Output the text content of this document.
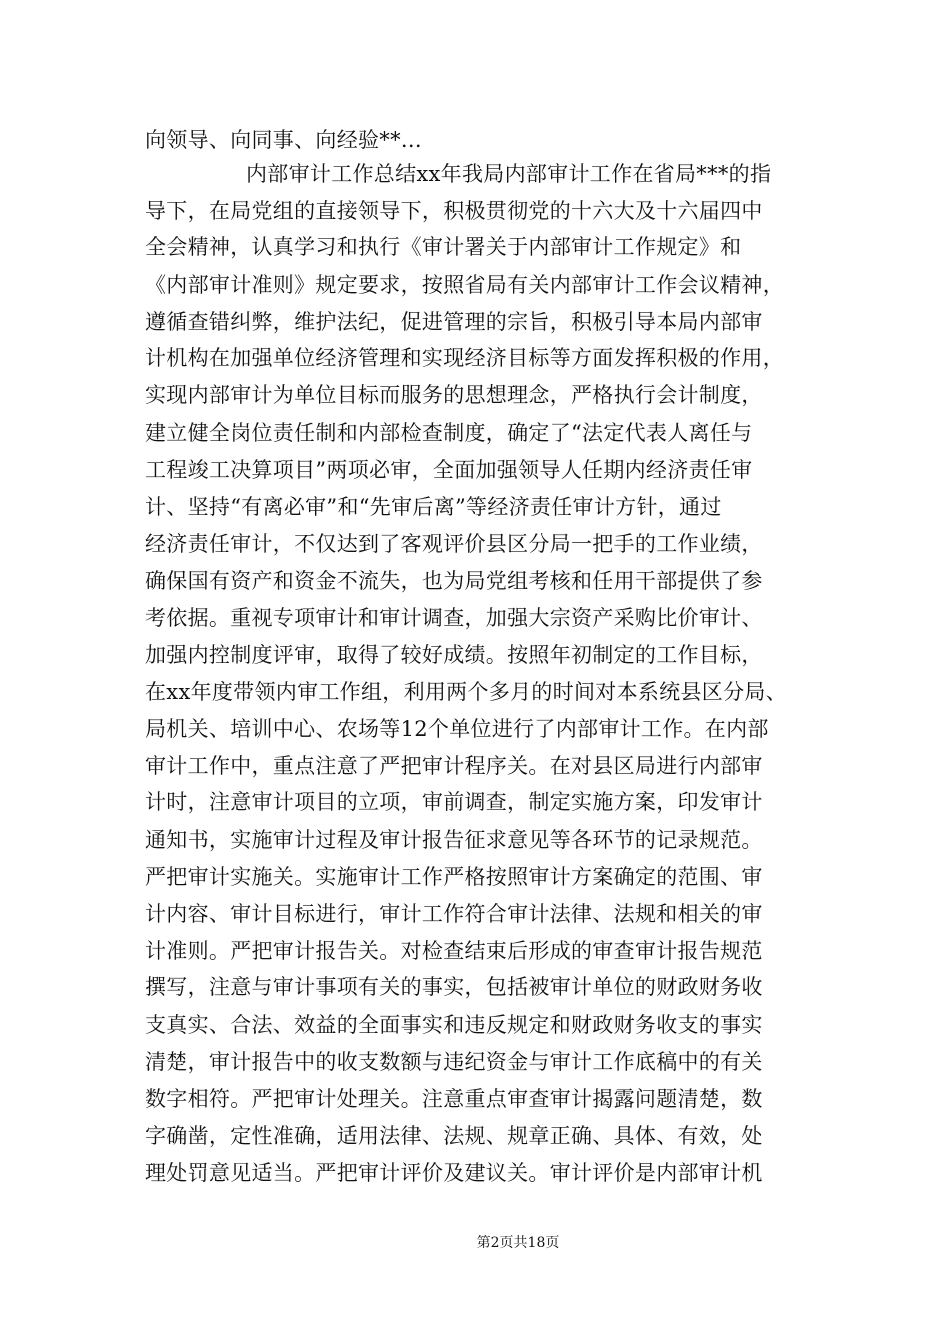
向领导、向同事、向经验**...
内部审计工作总结xx年我局内部审计工作在省局***的指
导下，在局党组的直接领导下，积极贯彻党的十六大及十六届四中
全会精神，认真学习和执行《审计署关于内部审计工作规定》和
《内部审计准则》规定要求，按照省局有关内部审计工作会议精神，
遵循查错纠弊，维护法纪，促进管理的宗旨，积极引导本局内部审
计机构在加强单位经济管理和实现经济目标等方面发挥积极的作用，
实现内部审计为单位目标而服务的思想理念，严格执行会计制度，
建立健全岗位责任制和内部检查制度，确定了“法定代表人离任与
工程竣工决算项目”两项必审，全面加强领导人任期内经济责任审
计、坚持“有离必审”和“先审后离”等经济责任审计方针，通过
经济责任审计，不仅达到了客观评价县区分局一把手的工作业绩，
确保国有资产和资金不流失，也为局党组考核和任用干部提供了参
考依据。重视专项审计和审计调查，加强大宗资产采购比价审计、
加强内控制度评审，取得了较好成绩。按照年初制定的工作目标，
在xx年度带领内审工作组，利用两个多月的时间对本系统县区分局、
局机关、培训中心、农场等12个单位进行了内部审计工作。在内部
审计工作中，重点注意了严把审计程序关。在对县区局进行内部审
计时，注意审计项目的立项，审前调查，制定实施方案，印发审计
通知书，实施审计过程及审计报告征求意见等各环节的记录规范。
严把审计实施关。实施审计工作严格按照审计方案确定的范围、审
计内容、审计目标进行，审计工作符合审计法律、法规和相关的审
计准则。严把审计报告关。对检查结束后形成的审查审计报告规范
撰写，注意与审计事项有关的事实，包括被审计单位的财政财务收
支真实、合法、效益的全面事实和违反规定和财政财务收支的事实
清楚，审计报告中的收支数额与违纪资金与审计工作底稿中的有关
数字相符。严把审计处理关。注意重点审查审计揭露问题清楚，数
字确凿，定性准确，适用法律、法规、规章正确、具体、有效，处
理处罚意见适当。严把审计评价及建议关。审计评价是内部审计机
第2页共18页
